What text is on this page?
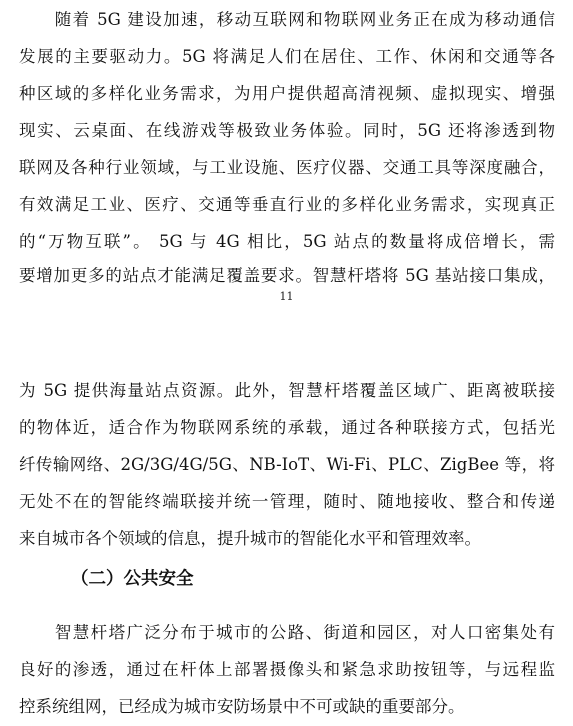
　　随着 5G 建设加速，移动互联网和物联网业务正在成为移动通信
发展的主要驱动力。5G 将满足人们在居住、工作、休闲和交通等各
种区域的多样化业务需求，为用户提供超高清视频、虚拟现实、增强
现实、云桌面、在线游戏等极致业务体验。同时，5G 还将渗透到物
联网及各种行业领域，与工业设施、医疗仪器、交通工具等深度融合，
有效满足工业、医疗、交通等垂直行业的多样化业务需求，实现真正
的“万物互联”。 5G 与 4G 相比，5G 站点的数量将成倍增长，需
要增加更多的站点才能满足覆盖要求。智慧杆塔将 5G 基站接口集成，
11
为 5G 提供海量站点资源。此外，智慧杆塔覆盖区域广、距离被联接
的物体近，适合作为物联网系统的承载，通过各种联接方式，包括光
纤传输网络、2G/3G/4G/5G、NB-IoT、Wi-Fi、PLC、ZigBee 等，将
无处不在的智能终端联接并统一管理，随时、随地接收、整合和传递
来自城市各个领域的信息，提升城市的智能化水平和管理效率。
（二）公共安全
　　智慧杆塔广泛分布于城市的公路、街道和园区，对人口密集处有
良好的渗透，通过在杆体上部署摄像头和紧急求助按钮等，与远程监
控系统组网，已经成为城市安防场景中不可或缺的重要部分。
